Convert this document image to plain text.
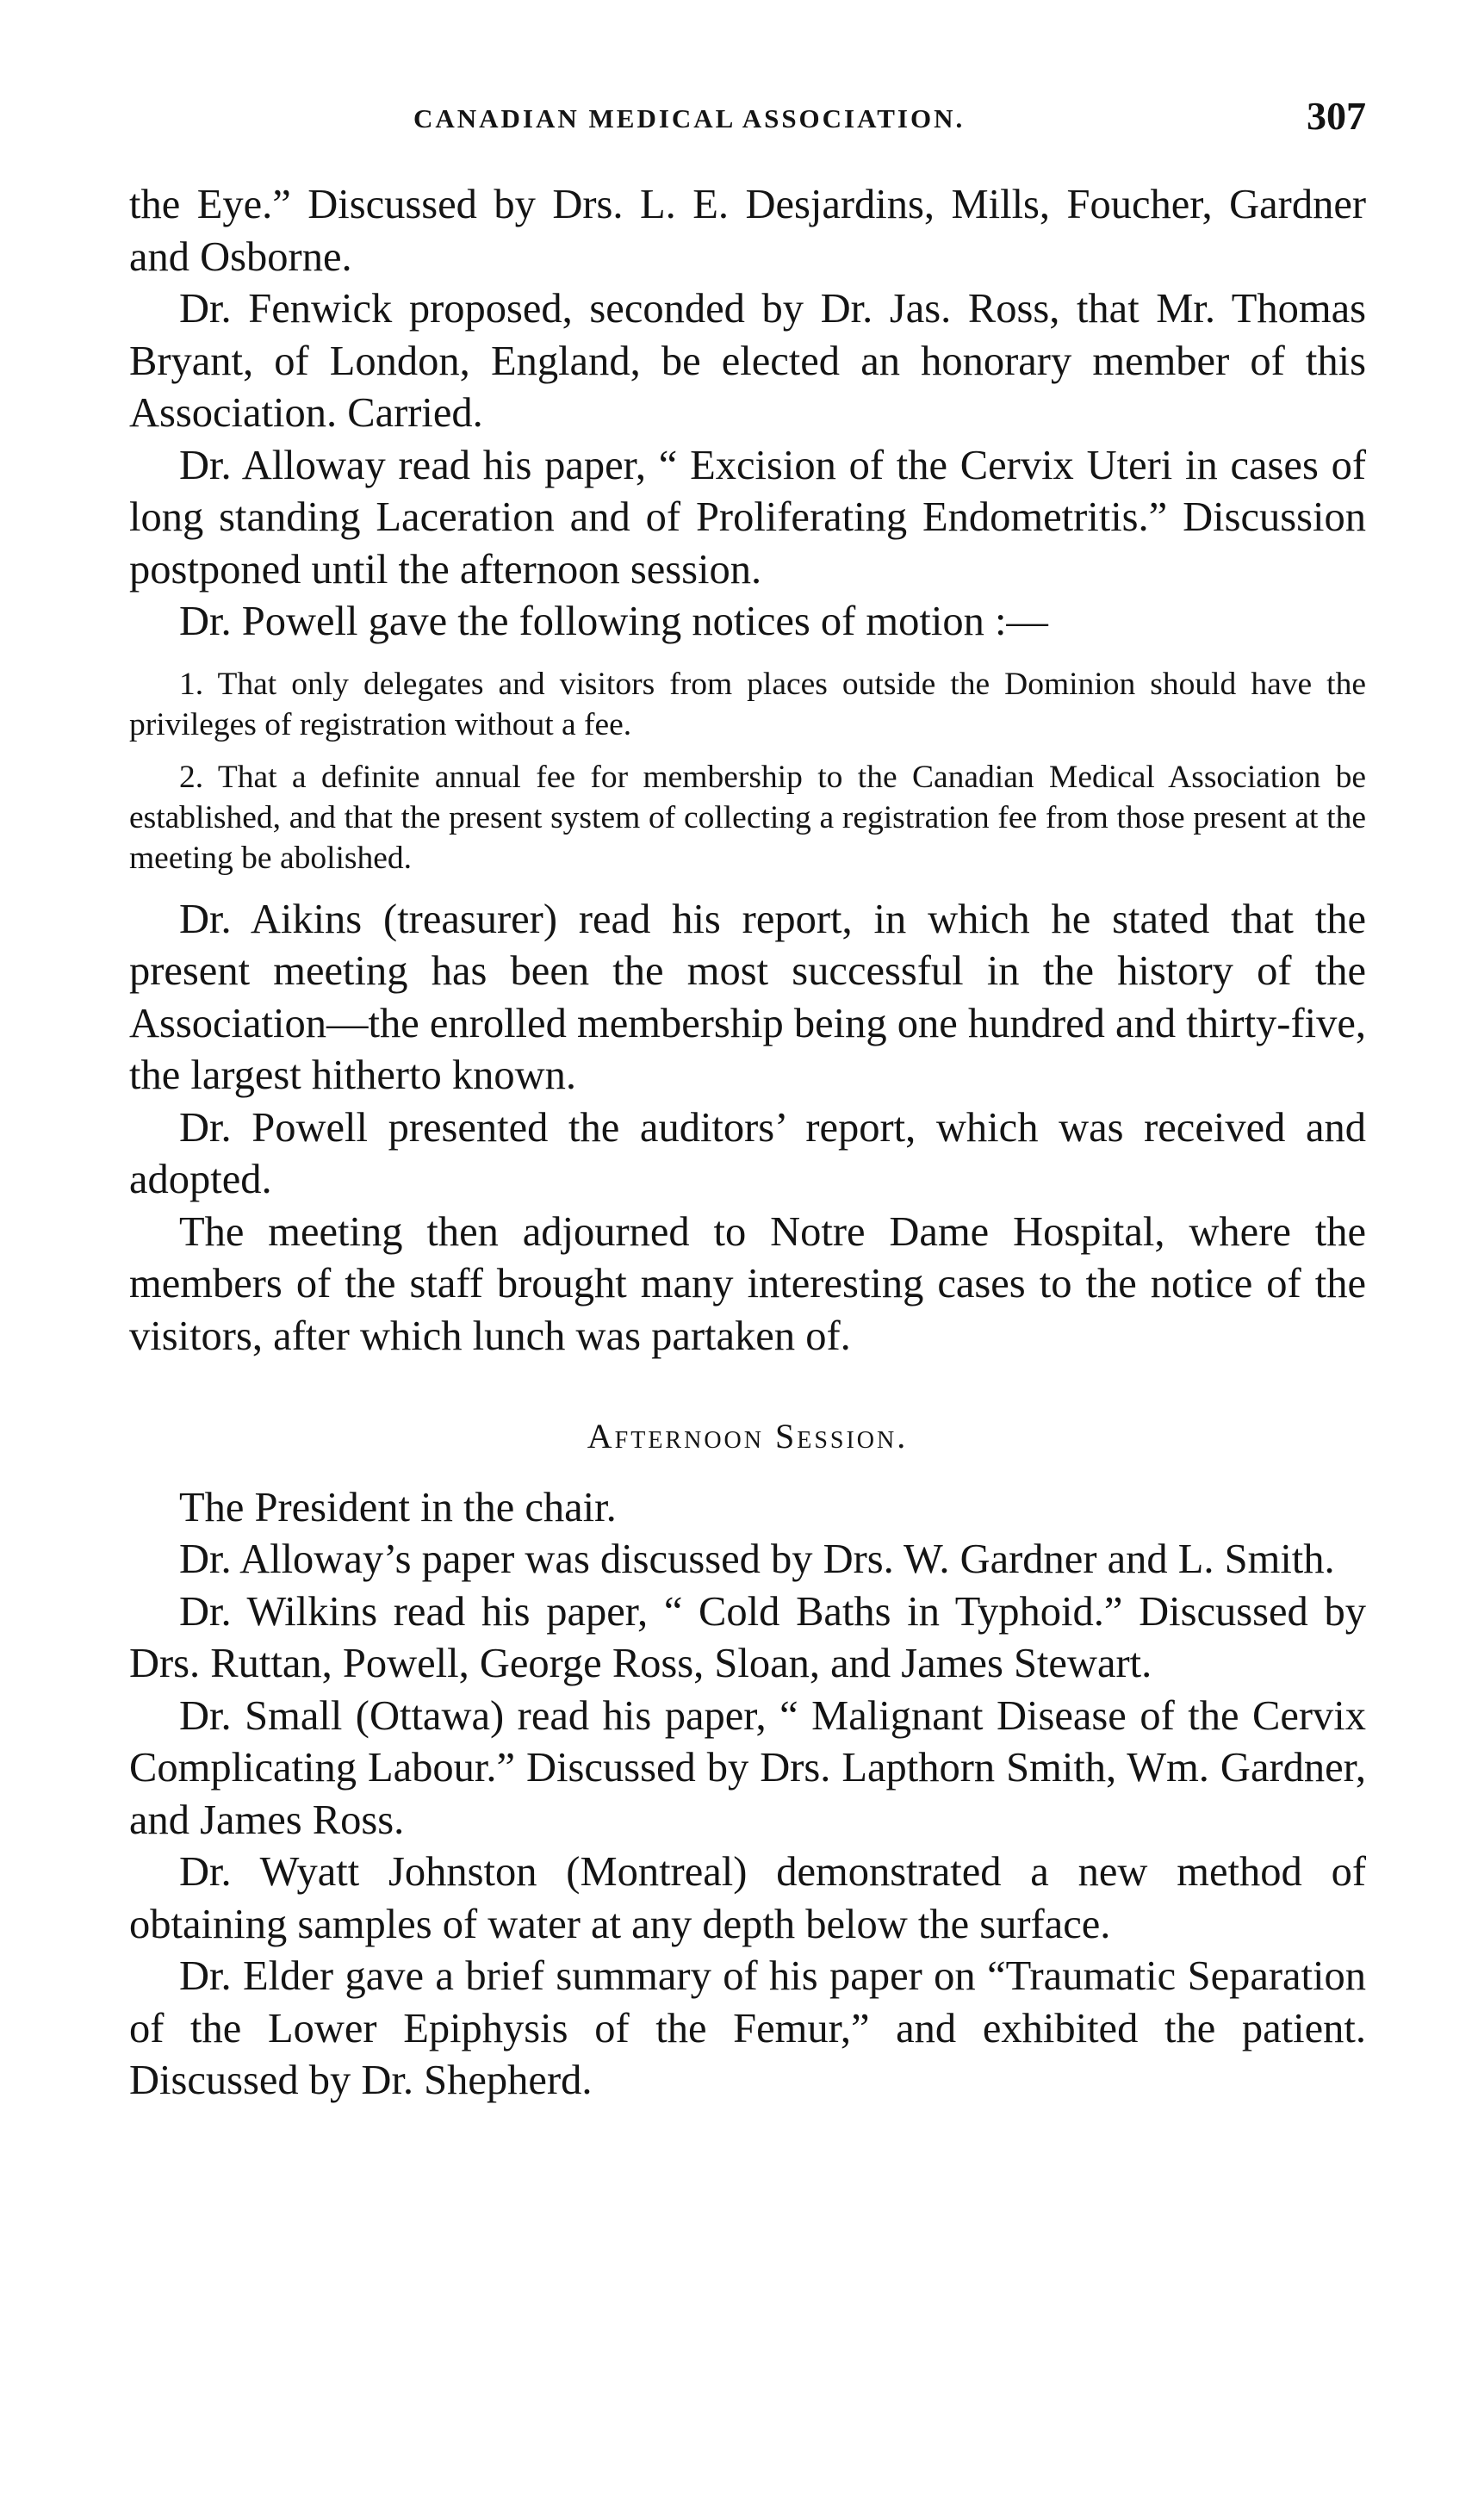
CANADIAN MEDICAL ASSOCIATION.	307

the Eye.” Discussed by Drs. L. E. Desjardins, Mills, Foucher, Gardner and Osborne.

Dr. Fenwick proposed, seconded by Dr. Jas. Ross, that Mr. Thomas Bryant, of London, England, be elected an honorary member of this Association. Carried.

Dr. Alloway read his paper, “ Excision of the Cervix Uteri in cases of long standing Laceration and of Proliferating Endometritis.” Discussion postponed until the afternoon session.

Dr. Powell gave the following notices of motion :—

1. That only delegates and visitors from places outside the Dominion should have the privileges of registration without a fee.

2. That a definite annual fee for membership to the Canadian Medical Association be established, and that the present system of collecting a registration fee from those present at the meeting be abolished.

Dr. Aikins (treasurer) read his report, in which he stated that the present meeting has been the most successful in the history of the Association—the enrolled membership being one hundred and thirty-five, the largest hitherto known.

Dr. Powell presented the auditors’ report, which was received and adopted.

The meeting then adjourned to Notre Dame Hospital, where the members of the staff brought many interesting cases to the notice of the visitors, after which lunch was partaken of.

Afternoon Session.

The President in the chair.

Dr. Alloway’s paper was discussed by Drs. W. Gardner and L. Smith.

Dr. Wilkins read his paper, “ Cold Baths in Typhoid.” Discussed by Drs. Ruttan, Powell, George Ross, Sloan, and James Stewart.

Dr. Small (Ottawa) read his paper, “ Malignant Disease of the Cervix Complicating Labour.” Discussed by Drs. Lapthorn Smith, Wm. Gardner, and James Ross.

Dr. Wyatt Johnston (Montreal) demonstrated a new method of obtaining samples of water at any depth below the surface.

Dr. Elder gave a brief summary of his paper on “Traumatic Separation of the Lower Epiphysis of the Femur,” and exhibited the patient. Discussed by Dr. Shepherd.
